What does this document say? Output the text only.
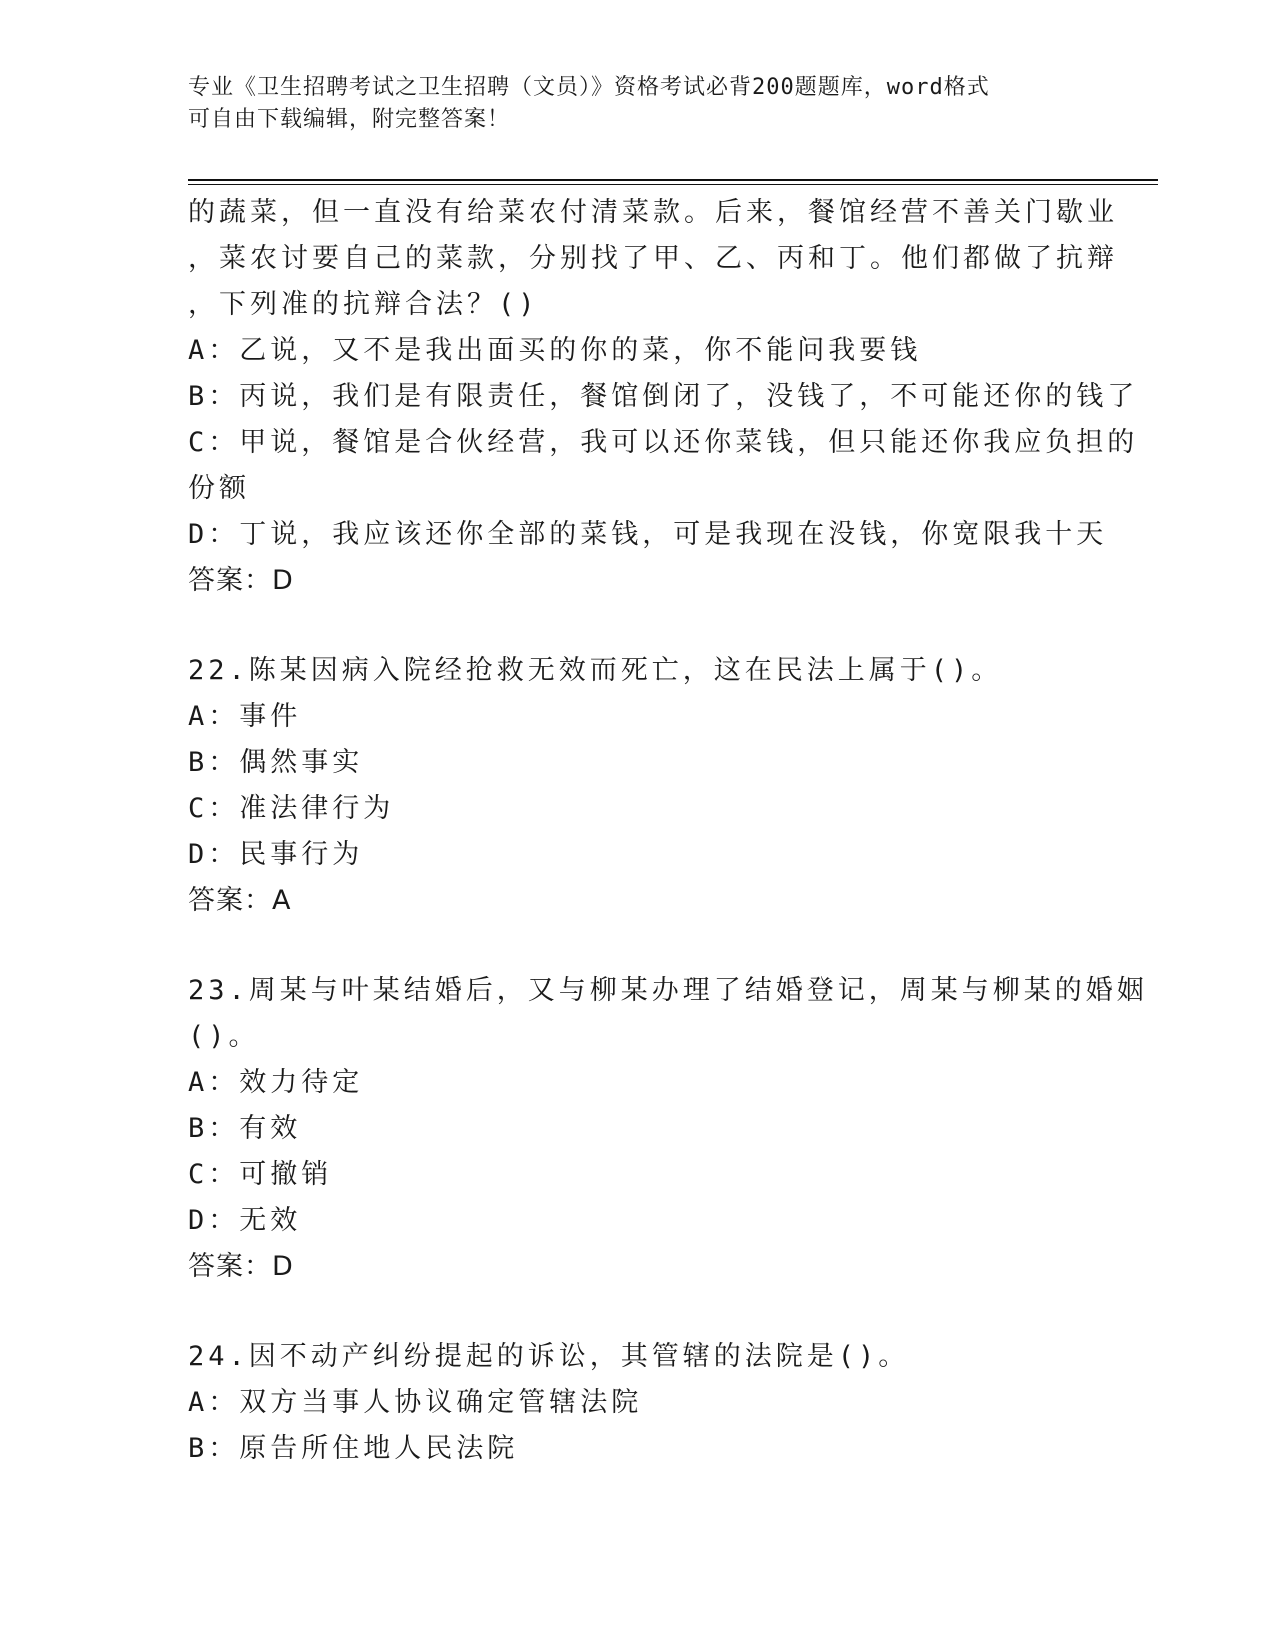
专业《卫生招聘考试之卫生招聘（文员）》资格考试必背200题题库，word格式
可自由下载编辑，附完整答案！
的蔬菜，但一直没有给菜农付清菜款。后来，餐馆经营不善关门歇业
，菜农讨要自己的菜款，分别找了甲、乙、丙和丁。他们都做了抗辩
，下列准的抗辩合法？()
A：乙说，又不是我出面买的你的菜，你不能问我要钱
B：丙说，我们是有限责任，餐馆倒闭了，没钱了，不可能还你的钱了
C：甲说，餐馆是合伙经营，我可以还你菜钱，但只能还你我应负担的
份额
D：丁说，我应该还你全部的菜钱，可是我现在没钱，你宽限我十天
答案：D
22.陈某因病入院经抢救无效而死亡，这在民法上属于()。
A：事件
B：偶然事实
C：准法律行为
D：民事行为
答案：A
23.周某与叶某结婚后，又与柳某办理了结婚登记，周某与柳某的婚姻
()。
A：效力待定
B：有效
C：可撤销
D：无效
答案：D
24.因不动产纠纷提起的诉讼，其管辖的法院是()。
A：双方当事人协议确定管辖法院
B：原告所住地人民法院
